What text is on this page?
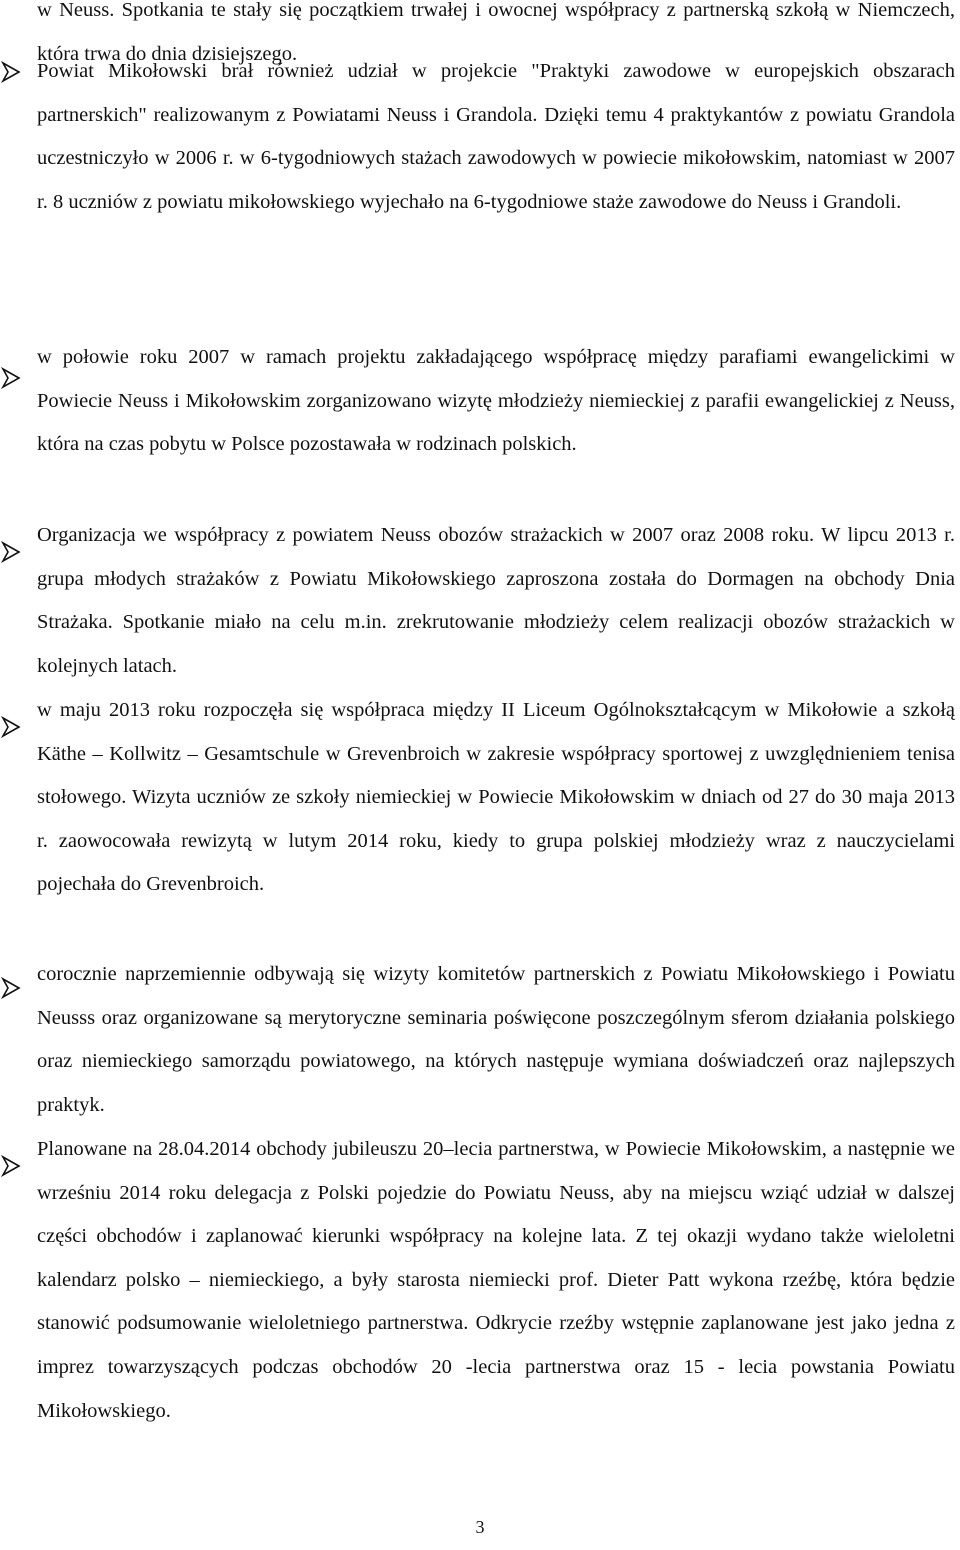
w Neuss. Spotkania te stały się początkiem trwałej i owocnej współpracy z partnerską szkołą w Niemczech, która trwa do dnia dzisiejszego.
Powiat Mikołowski brał również udział w projekcie "Praktyki zawodowe w europejskich obszarach partnerskich" realizowanym z Powiatami Neuss i Grandola. Dzięki temu 4 praktykantów z powiatu Grandola uczestniczyło w 2006 r. w 6-tygodniowych stażach zawodowych w powiecie mikołowskim, natomiast w 2007 r. 8 uczniów z powiatu mikołowskiego wyjechało na 6-tygodniowe staże zawodowe do Neuss i Grandoli.
w połowie roku 2007 w ramach projektu zakładającego współpracę między parafiami ewangelickimi w Powiecie Neuss i Mikołowskim zorganizowano wizytę młodzieży niemieckiej z parafii ewangelickiej z Neuss, która na czas pobytu w Polsce pozostawała w rodzinach polskich.
Organizacja we współpracy z powiatem Neuss obozów strażackich w 2007 oraz 2008 roku. W lipcu 2013 r. grupa młodych strażaków z Powiatu Mikołowskiego zaproszona została do Dormagen na obchody Dnia Strażaka. Spotkanie miało na celu m.in. zrekrutowanie młodzieży celem realizacji obozów strażackich w kolejnych latach.
w maju 2013 roku rozpoczęła się współpraca między II Liceum Ogólnokształcącym w Mikołowie a szkołą Käthe – Kollwitz – Gesamtschule w Grevenbroich w zakresie współpracy sportowej z uwzględnieniem tenisa stołowego. Wizyta uczniów ze szkoły niemieckiej w Powiecie Mikołowskim w dniach od 27 do 30 maja 2013 r. zaowocowała rewizytą w lutym 2014 roku, kiedy to grupa polskiej młodzieży wraz z nauczycielami pojechała do Grevenbroich.
corocznie naprzemiennie odbywają się wizyty komitetów partnerskich z Powiatu Mikołowskiego i Powiatu Neusss oraz organizowane są merytoryczne seminaria poświęcone poszczególnym sferom działania polskiego oraz niemieckiego samorządu powiatowego, na których następuje wymiana doświadczeń oraz najlepszych praktyk.
Planowane na 28.04.2014 obchody jubileuszu 20–lecia partnerstwa, w Powiecie Mikołowskim, a następnie we wrześniu 2014 roku delegacja z Polski pojedzie do Powiatu Neuss, aby na miejscu wziąć udział w dalszej części obchodów i zaplanować kierunki współpracy na kolejne lata. Z tej okazji wydano także wieloletni kalendarz polsko – niemieckiego, a były starosta niemiecki prof. Dieter Patt wykona rzeźbę, która będzie stanowić podsumowanie wieloletniego partnerstwa. Odkrycie rzeźby wstępnie zaplanowane jest jako jedna z imprez towarzyszących podczas obchodów 20 -lecia partnerstwa oraz 15 - lecia powstania Powiatu Mikołowskiego.
3
